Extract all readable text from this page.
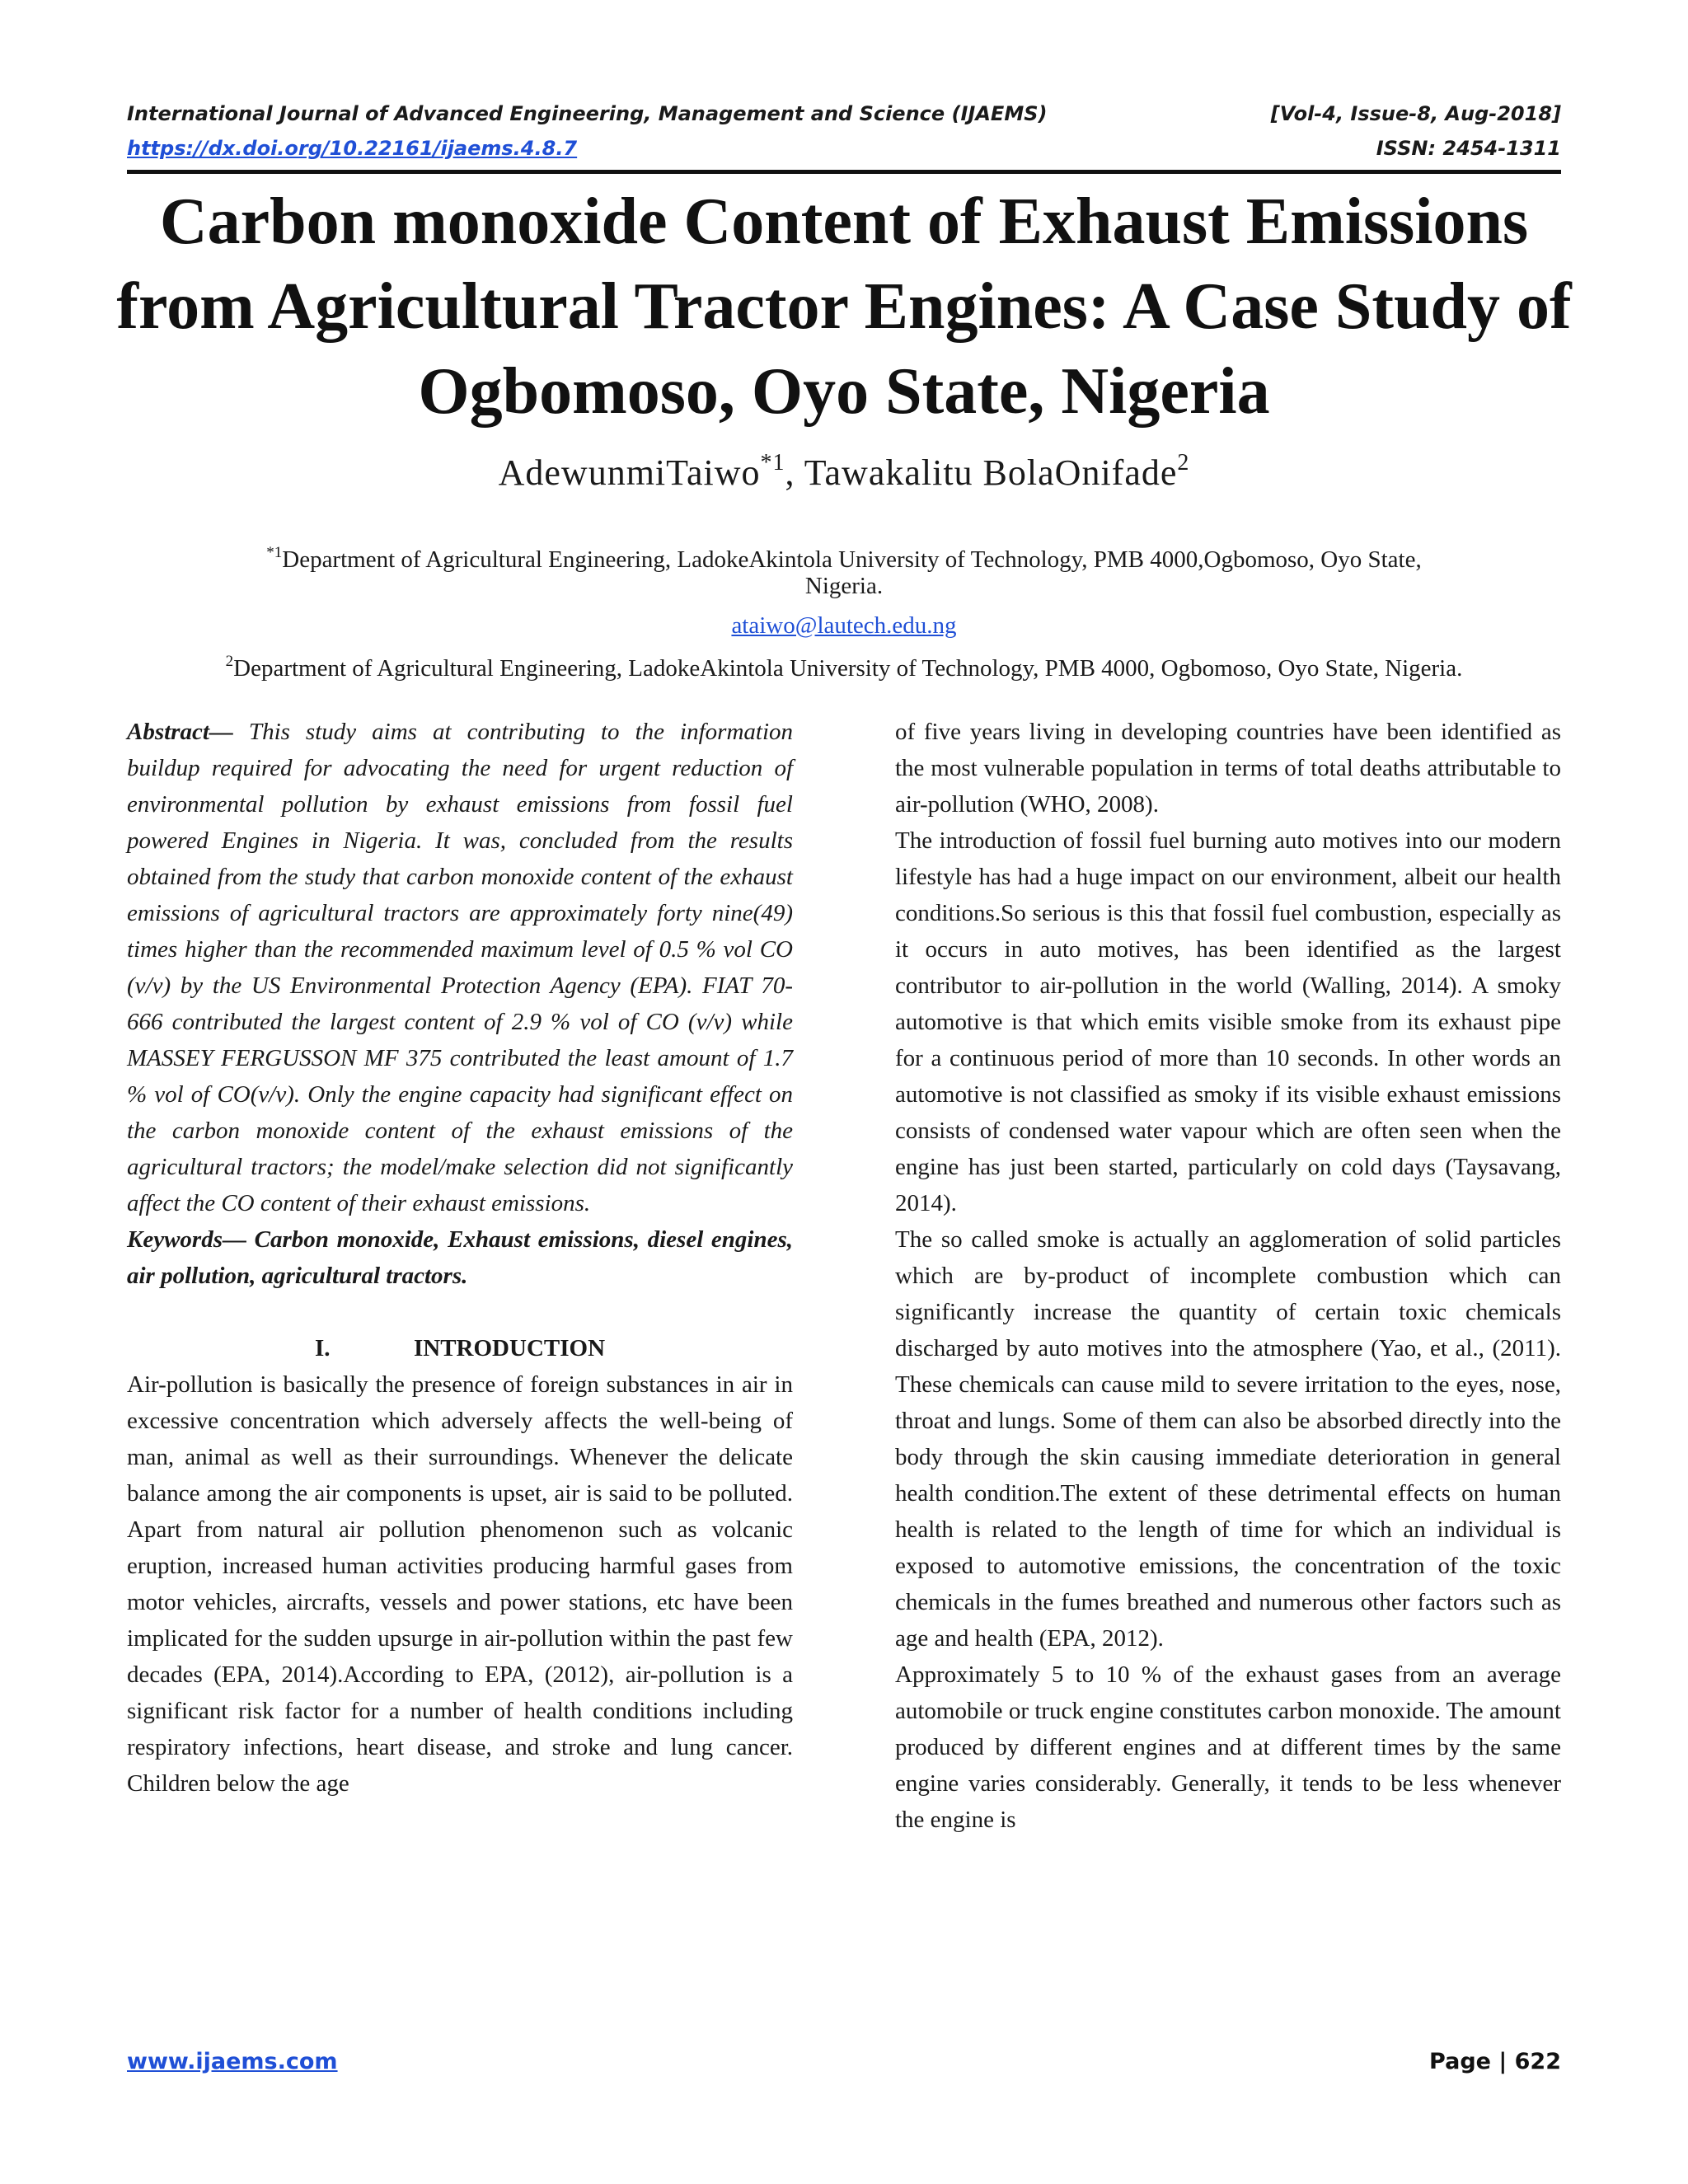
International Journal of Advanced Engineering, Management and Science (IJAEMS)	[Vol-4, Issue-8, Aug-2018]
https://dx.doi.org/10.22161/ijaems.4.8.7	ISSN: 2454-1311
Carbon monoxide Content of Exhaust Emissions from Agricultural Tractor Engines: A Case Study of Ogbomoso, Oyo State, Nigeria
AdewunmiTaiwo$^{*1}$, Tawakalitu BolaOnifade$^2$
$^{*1}$Department of Agricultural Engineering, LadokeAkintola University of Technology, PMB 4000,Ogbomoso, Oyo State,
Nigeria.
ataiwo@lautech.edu.ng
$^2$Department of Agricultural Engineering, LadokeAkintola University of Technology, PMB 4000, Ogbomoso, Oyo State, Nigeria.

Abstract— This study aims at contributing to the information buildup required for advocating the need for urgent reduction of environmental pollution by exhaust emissions from fossil fuel powered Engines in Nigeria. It was, concluded from the results obtained from the study that carbon monoxide content of the exhaust emissions of agricultural tractors are approximately forty nine(49) times higher than the recommended maximum level of 0.5 % vol CO (v/v) by the US Environmental Protection Agency (EPA). FIAT 70-666 contributed the largest content of 2.9 % vol of CO (v/v) while MASSEY FERGUSSON MF 375 contributed the least amount of 1.7 % vol of CO(v/v). Only the engine capacity had significant effect on the carbon monoxide content of the exhaust emissions of the agricultural tractors; the model/make selection did not significantly affect the CO content of their exhaust emissions.

Keywords— Carbon monoxide, Exhaust emissions, diesel engines, air pollution, agricultural tractors.

I.	INTRODUCTION

Air-pollution is basically the presence of foreign substances in air in excessive concentration which adversely affects the well-being of man, animal as well as their surroundings. Whenever the delicate balance among the air components is upset, air is said to be polluted. Apart from natural air pollution phenomenon such as volcanic eruption, increased human activities producing harmful gases from motor vehicles, aircrafts, vessels and power stations, etc have been implicated for the sudden upsurge in air-pollution within the past few decades (EPA, 2014).According to EPA, (2012), air-pollution is a significant risk factor for a number of health conditions including respiratory infections, heart disease, and stroke and lung cancer. Children below the age

of five years living in developing countries have been identified as the most vulnerable population in terms of total deaths attributable to air-pollution (WHO, 2008).

The introduction of fossil fuel burning auto motives into our modern lifestyle has had a huge impact on our environment, albeit our health conditions.So serious is this that fossil fuel combustion, especially as it occurs in auto motives, has been identified as the largest contributor to air-pollution in the world (Walling, 2014). A smoky automotive is that which emits visible smoke from its exhaust pipe for a continuous period of more than 10 seconds. In other words an automotive is not classified as smoky if its visible exhaust emissions consists of condensed water vapour which are often seen when the engine has just been started, particularly on cold days (Taysavang, 2014).

The so called smoke is actually an agglomeration of solid particles which are by-product of incomplete combustion which can significantly increase the quantity of certain toxic chemicals discharged by auto motives into the atmosphere (Yao, et al., (2011). These chemicals can cause mild to severe irritation to the eyes, nose, throat and lungs. Some of them can also be absorbed directly into the body through the skin causing immediate deterioration in general health condition.The extent of these detrimental effects on human health is related to the length of time for which an individual is exposed to automotive emissions, the concentration of the toxic chemicals in the fumes breathed and numerous other factors such as age and health (EPA, 2012).

Approximately 5 to 10 % of the exhaust gases from an average automobile or truck engine constitutes carbon monoxide. The amount produced by different engines and at different times by the same engine varies considerably. Generally, it tends to be less whenever the engine is

www.ijaems.com	Page | 622
